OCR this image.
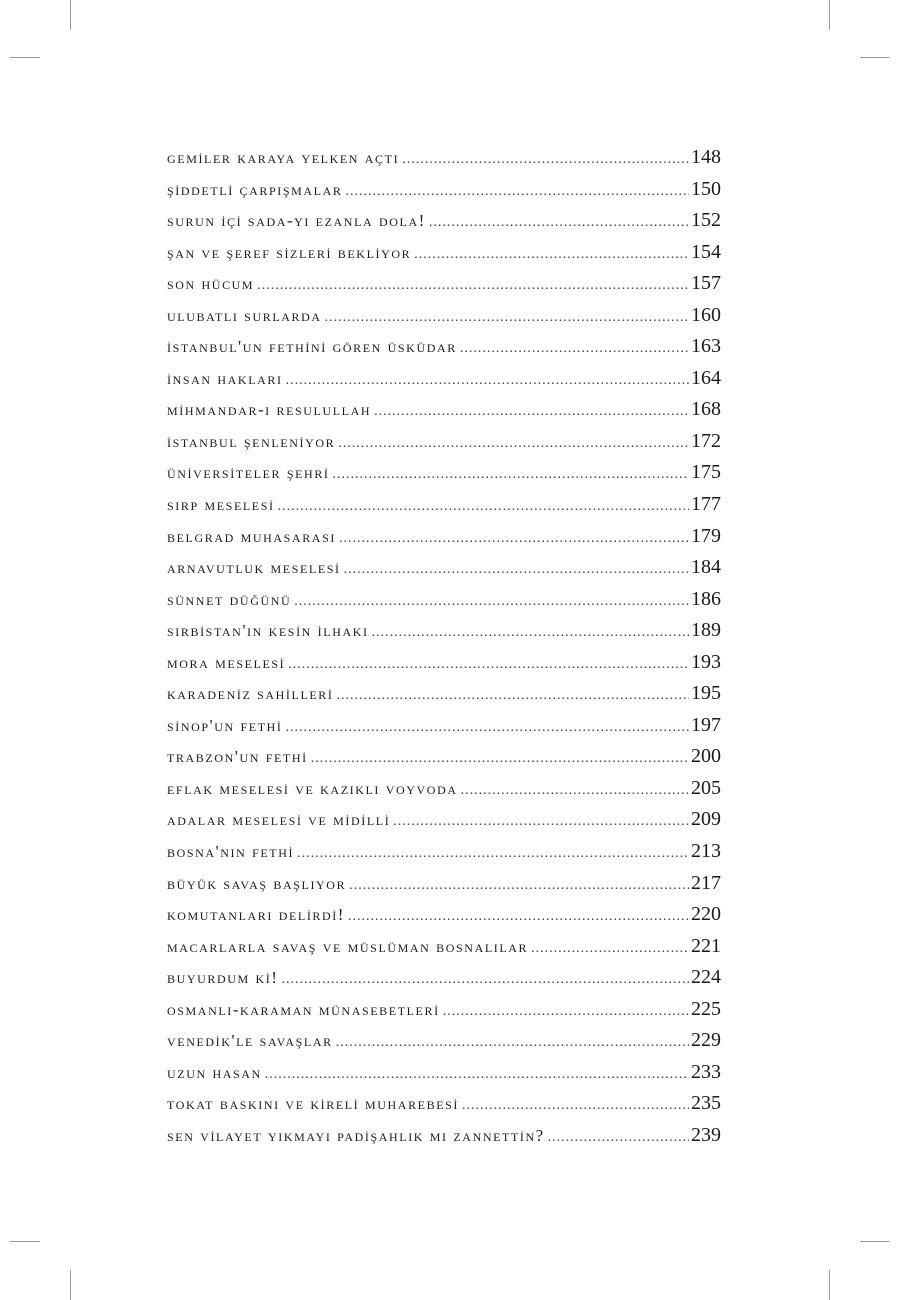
gemi̇ler karaya yelken açti .....	148
şi̇ddetli̇ çarpişmalar .....	150
surun i̇çi̇ sada-yi ezanla dola! .....	152
şan ve şeref si̇zleri̇ bekli̇yor .....	154
son hücum .....	157
ulubatli surlarda .....	160
i̇stanbul'un fethi̇ni̇ gören üsküdar .....	163
i̇nsan haklari .....	164
mi̇hmandar-i resulullah .....	168
i̇stanbul şenleni̇yor .....	172
üni̇versi̇teler şehri̇ .....	175
sirp meselesi̇ .....	177
belgrad muhasarasi .....	179
arnavutluk meselesi̇ .....	184
sünnet düğünü .....	186
sirbi̇stan'in kesi̇n i̇lhaki .....	189
mora meselesi̇ .....	193
karadeni̇z sahi̇lleri̇ .....	195
si̇nop'un fethi̇ .....	197
trabzon'un fethi̇ .....	200
eflak meselesi̇ ve kazikli voyvoda .....	205
adalar meselesi̇ ve mi̇di̇lli̇ .....	209
bosna'nin fethi̇ .....	213
büyük savaş başliyor .....	217
komutanlari deli̇rdi̇! .....	220
macarlarla savaş ve müslüman bosnalilar .....	221
buyurdum ki̇! .....	224
osmanli-karaman münasebetleri̇ .....	225
venedi̇k'le savaşlar .....	229
uzun hasan .....	233
tokat baskini ve ki̇reli̇ muharebesi̇ .....	235
sen vi̇layet yikmayi padi̇şahlik mi zannetti̇n? .....	239
